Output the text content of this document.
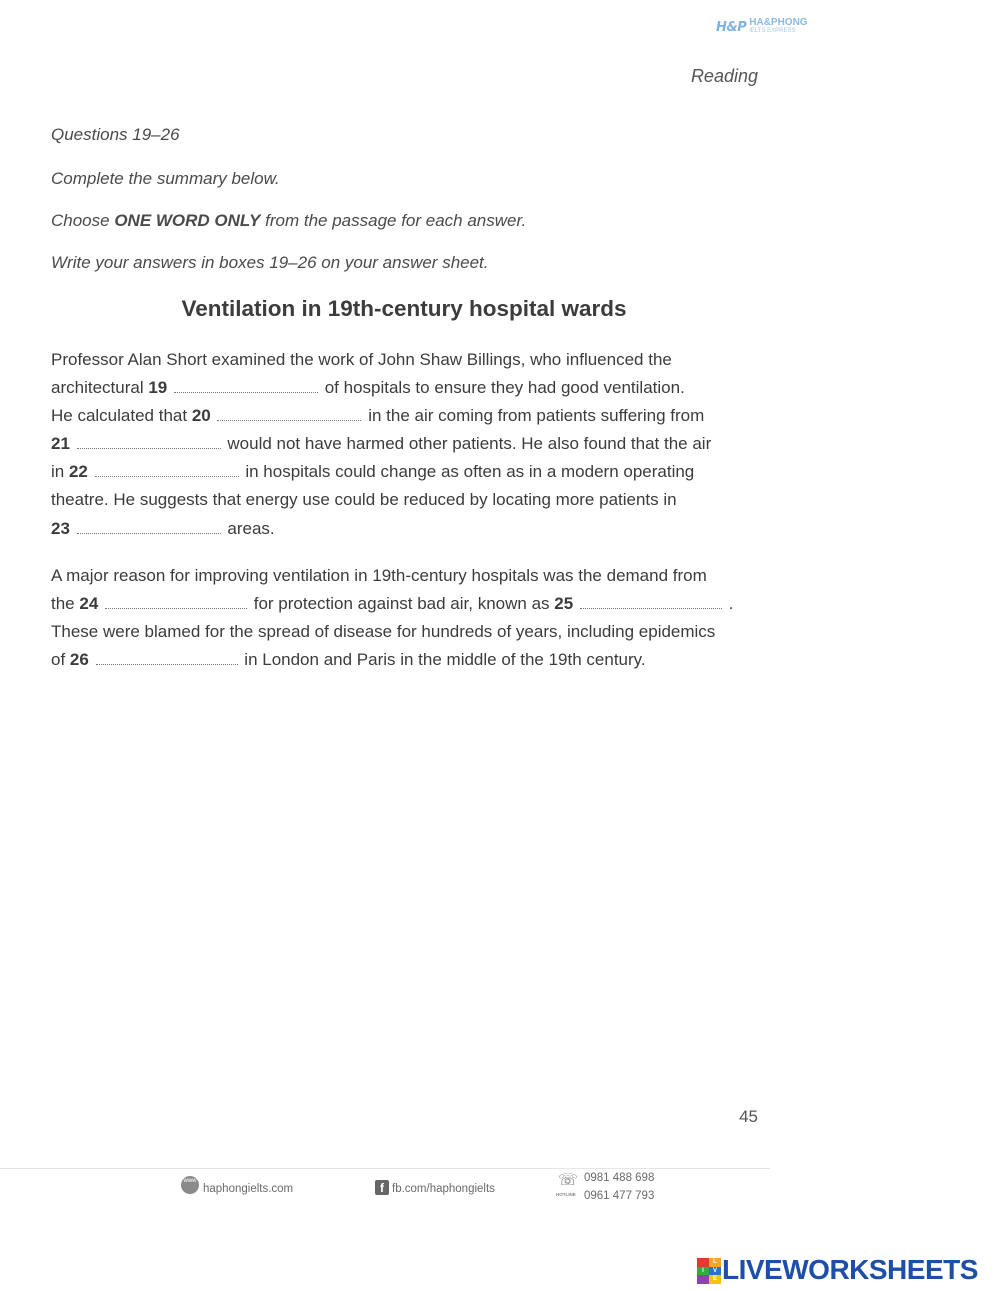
H&P HA&PHONG
IELTS EXPRESS
Reading
Questions 19–26
Complete the summary below.
Choose ONE WORD ONLY from the passage for each answer.
Write your answers in boxes 19–26 on your answer sheet.
Ventilation in 19th-century hospital wards
Professor Alan Short examined the work of John Shaw Billings, who influenced the
architectural 19	of hospitals to ensure they had good ventilation.
He calculated that 20	in the air coming from patients suffering from
21	would not have harmed other patients. He also found that the air
in 22	in hospitals could change as often as in a modern operating
theatre. He suggests that energy use could be reduced by locating more patients in
23	areas.
A major reason for improving ventilation in 19th-century hospitals was the demand from
the 24	for protection against bad air, known as 25	.
These were blamed for the spread of disease for hundreds of years, including epidemics
of 26	in London and Paris in the middle of the 19th century.
45
www
haphongielts.com	f fb.com/haphongielts	☏
HOTLINE
0981 488 698
0961 477 793
L
I	V
E LIVEWORKSHEETS
